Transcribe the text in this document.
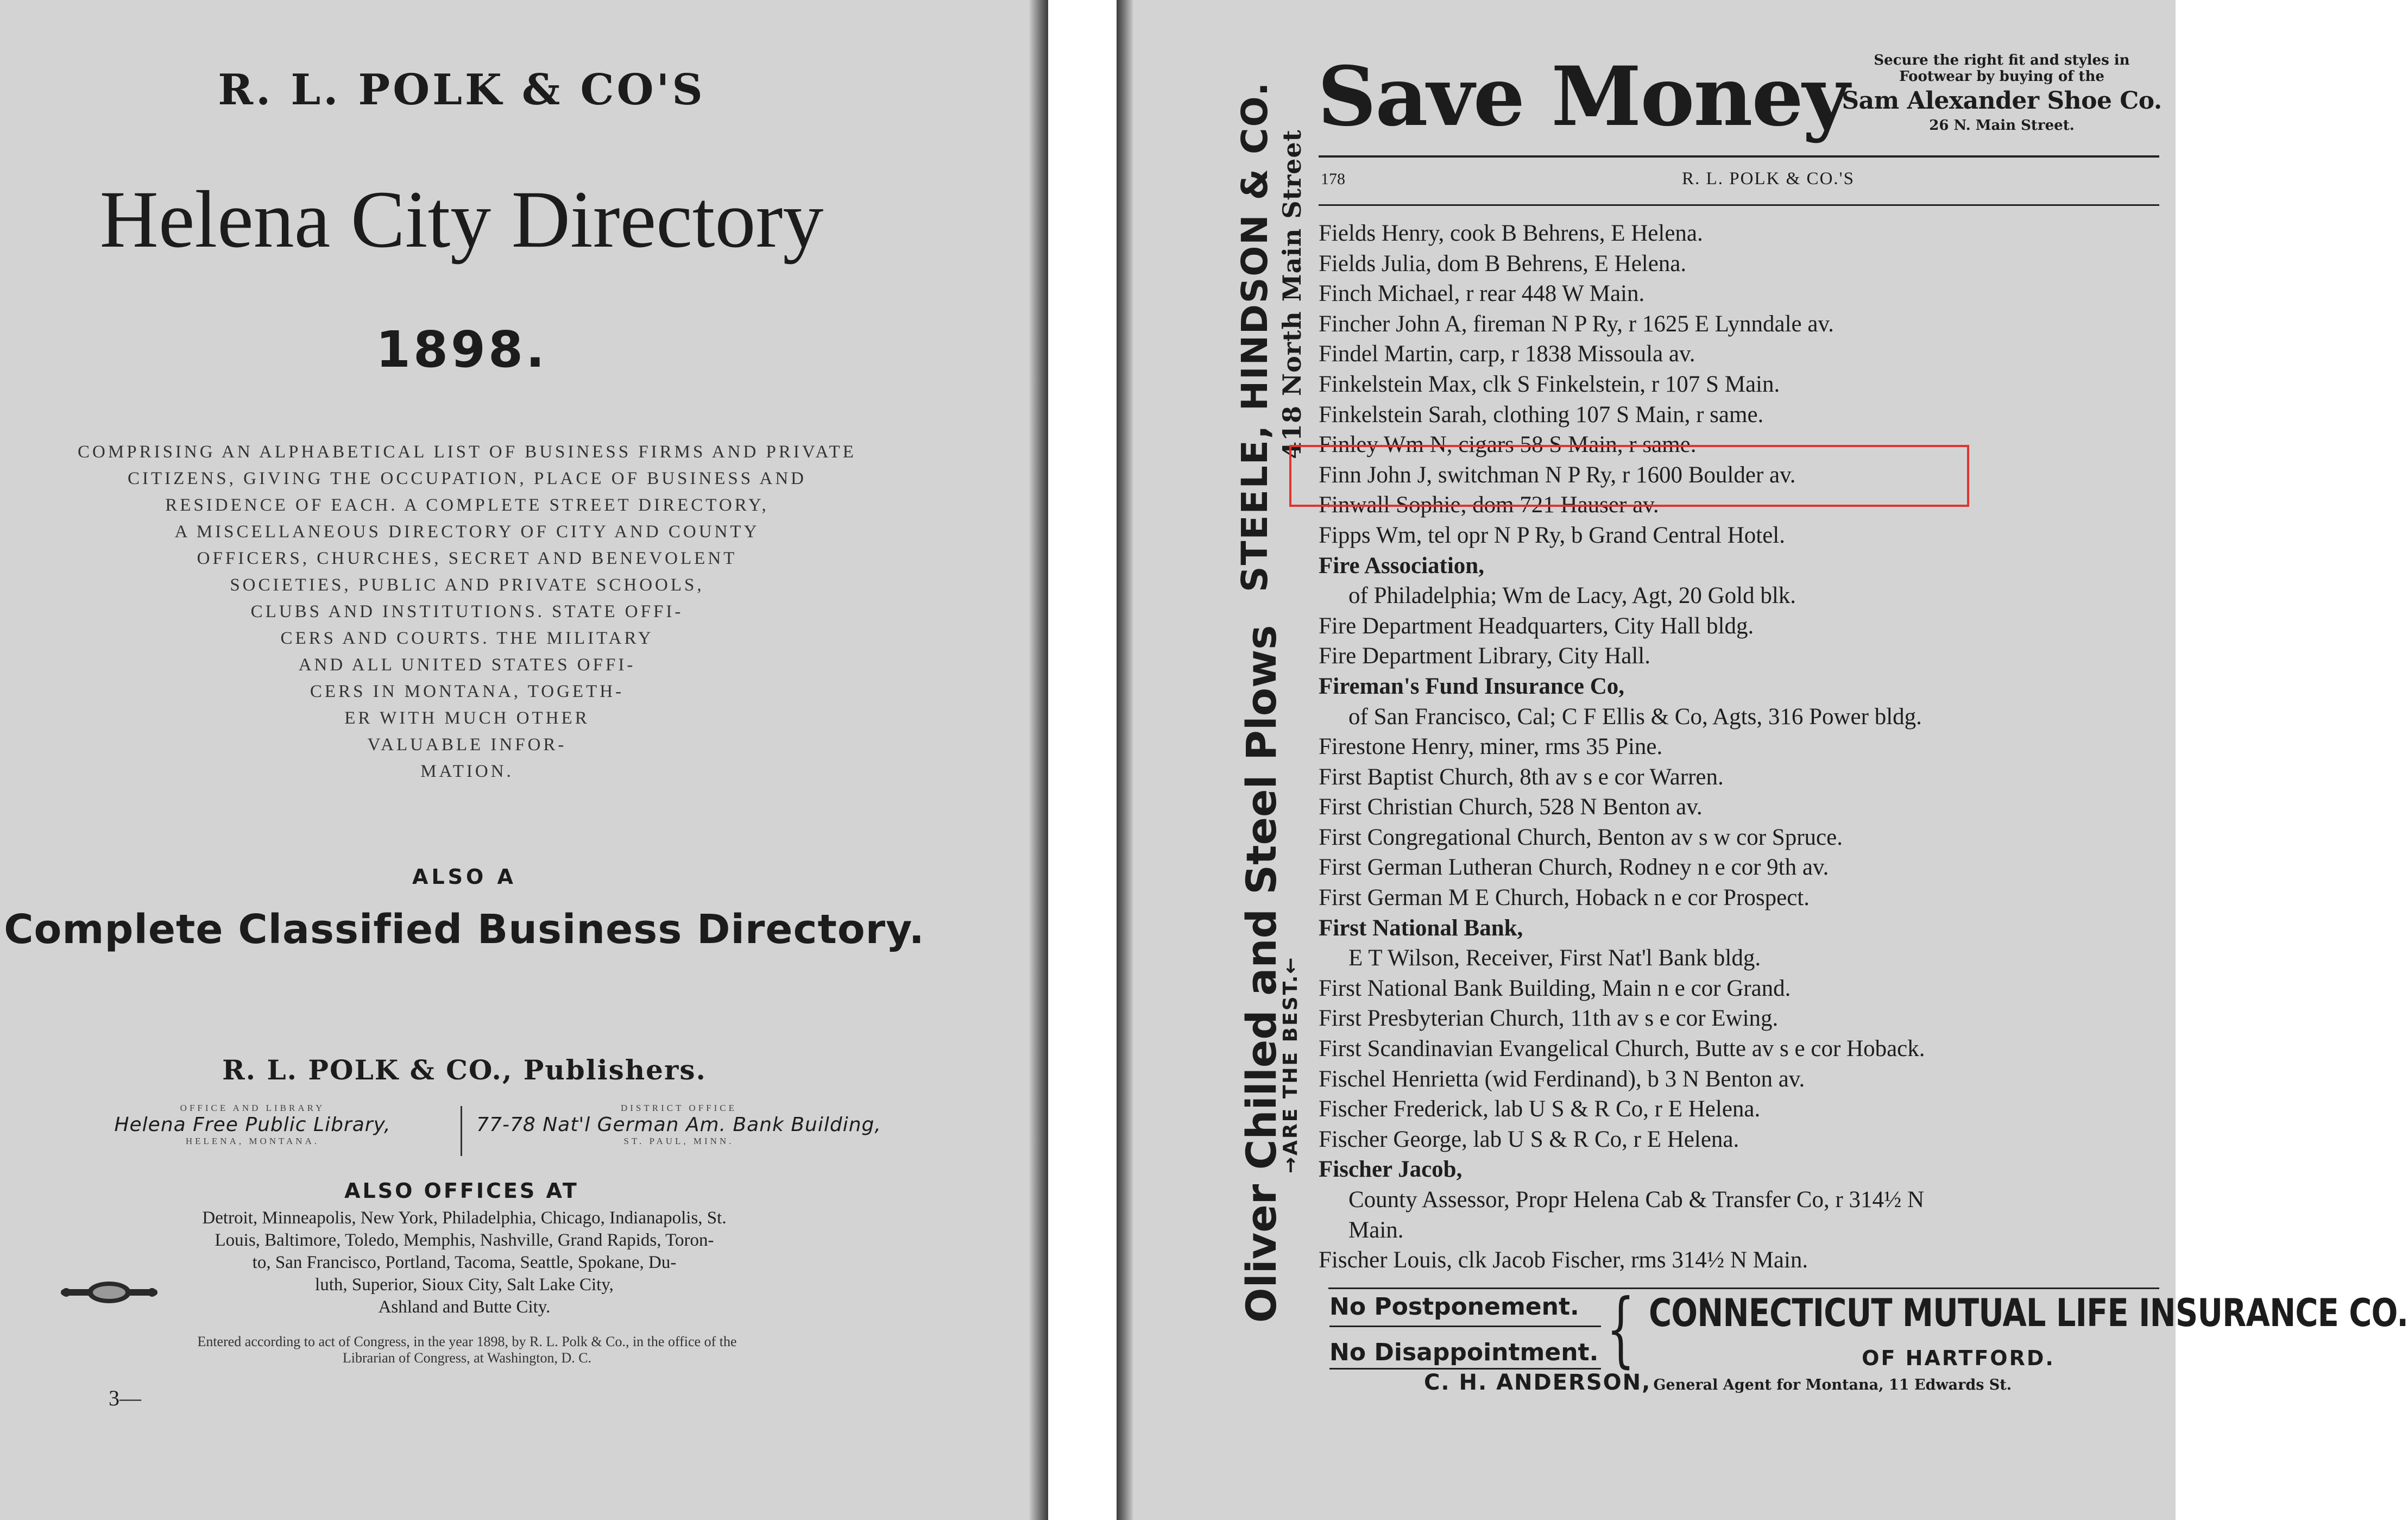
R. L. POLK & CO'S
Helena City Directory
1898.
COMPRISING AN ALPHABETICAL LIST OF BUSINESS FIRMS AND PRIVATE
CITIZENS, GIVING THE OCCUPATION, PLACE OF BUSINESS AND
RESIDENCE OF EACH. A COMPLETE STREET DIRECTORY,
A MISCELLANEOUS DIRECTORY OF CITY AND COUNTY
OFFICERS, CHURCHES, SECRET AND BENEVOLENT
SOCIETIES, PUBLIC AND PRIVATE SCHOOLS,
CLUBS AND INSTITUTIONS. STATE OFFI-
CERS AND COURTS. THE MILITARY
AND ALL UNITED STATES OFFI-
CERS IN MONTANA, TOGETH-
ER WITH MUCH OTHER
VALUABLE INFOR-
MATION.
ALSO A
Complete Classified Business Directory.
R. L. POLK & CO., Publishers.
OFFICE AND LIBRARY
Helena Free Public Library,
HELENA, MONTANA.
DISTRICT OFFICE
77-78 Nat'l German Am. Bank Building,
ST. PAUL, MINN.
ALSO OFFICES AT
Detroit, Minneapolis, New York, Philadelphia, Chicago, Indianapolis, St.
Louis, Baltimore, Toledo, Memphis, Nashville, Grand Rapids, Toron-
to, San Francisco, Portland, Tacoma, Seattle, Spokane, Du-
luth, Superior, Sioux City, Salt Lake City,
Ashland and Butte City.
Entered according to act of Congress, in the year 1898, by R. L. Polk & Co., in the office of the
Librarian of Congress, at Washington, D. C.
3—
Save Money	Secure the right fit and styles in
Footwear by buying of the
Sam Alexander Shoe Co.
26 N. Main Street.
178	R. L. POLK & CO.'S
Fields Henry, cook B Behrens, E Helena.
Fields Julia, dom B Behrens, E Helena.
Finch Michael, r rear 448 W Main.
Fincher John A, fireman N P Ry, r 1625 E Lynndale av.
Findel Martin, carp, r 1838 Missoula av.
Finkelstein Max, clk S Finkelstein, r 107 S Main.
Finkelstein Sarah, clothing 107 S Main, r same.
Finley Wm N, cigars 58 S Main, r same.
Finn John J, switchman N P Ry, r 1600 Boulder av.
Finwall Sophie, dom 721 Hauser av.
Fipps Wm, tel opr N P Ry, b Grand Central Hotel.
Fire Association,
of Philadelphia; Wm de Lacy, Agt, 20 Gold blk.
Fire Department Headquarters, City Hall bldg.
Fire Department Library, City Hall.
Fireman's Fund Insurance Co,
of San Francisco, Cal; C F Ellis & Co, Agts, 316 Power bldg.
Firestone Henry, miner, rms 35 Pine.
First Baptist Church, 8th av s e cor Warren.
First Christian Church, 528 N Benton av.
First Congregational Church, Benton av s w cor Spruce.
First German Lutheran Church, Rodney n e cor 9th av.
First German M E Church, Hoback n e cor Prospect.
First National Bank,
E T Wilson, Receiver, First Nat'l Bank bldg.
First National Bank Building, Main n e cor Grand.
First Presbyterian Church, 11th av s e cor Ewing.
First Scandinavian Evangelical Church, Butte av s e cor Hoback.
Fischel Henrietta (wid Ferdinand), b 3 N Benton av.
Fischer Frederick, lab U S & R Co, r E Helena.
Fischer George, lab U S & R Co, r E Helena.
Fischer Jacob,
County Assessor, Propr Helena Cab & Transfer Co, r 314½ N
Main.
Fischer Louis, clk Jacob Fischer, rms 314½ N Main.
No Postponement.
No Disappointment. { CONNECTICUT MUTUAL LIFE INSURANCE CO.
OF HARTFORD.
C. H. ANDERSON, General Agent for Montana, 11 Edwards St.
STEELE, HINDSON & CO. 418 North Main Street
Oliver Chilled and Steel Plows
→ARE THE BEST.←
